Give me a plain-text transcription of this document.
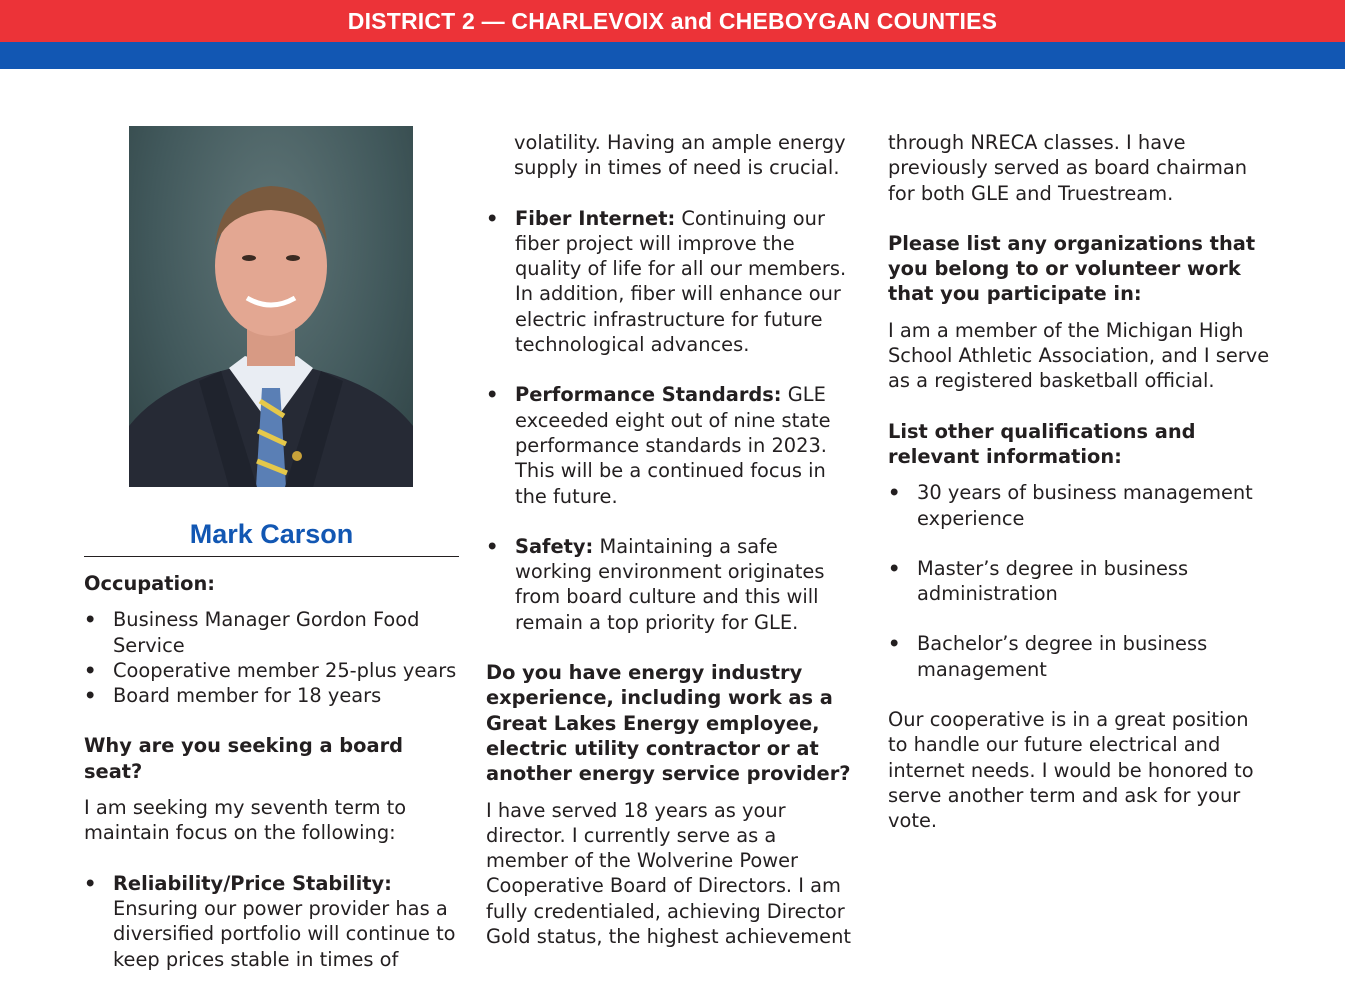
DISTRICT 2 — CHARLEVOIX and CHEBOYGAN COUNTIES
Mark Carson

Occupation:

• Business Manager Gordon Food Service
• Cooperative member 25-plus years
• Board member for 18 years

Why are you seeking a board seat?

I am seeking my seventh term to maintain focus on the following:

• Reliability/Price Stability:
Ensuring our power provider has a diversified portfolio will continue to keep prices stable in times of

volatility. Having an ample energy supply in times of need is crucial.

• Fiber Internet: Continuing our fiber project will improve the quality of life for all our members. In addition, fiber will enhance our electric infrastructure for future technological advances.
• Performance Standards: GLE exceeded eight out of nine state performance standards in 2023. This will be a continued focus in the future.
• Safety: Maintaining a safe working environment originates from board culture and this will remain a top priority for GLE.

Do you have energy industry experience, including work as a Great Lakes Energy employee, electric utility contractor or at another energy service provider?

I have served 18 years as your director. I currently serve as a member of the Wolverine Power Cooperative Board of Directors. I am fully credentialed, achieving Director Gold status, the highest achievement

through NRECA classes. I have previously served as board chairman for both GLE and Truestream.

Please list any organizations that you belong to or volunteer work that you participate in:

I am a member of the Michigan High School Athletic Association, and I serve as a registered basketball official.

List other qualifications and relevant information:

• 30 years of business management experience
• Master’s degree in business administration
• Bachelor’s degree in business management

Our cooperative is in a great position to handle our future electrical and internet needs. I would be honored to serve another term and ask for your vote.
